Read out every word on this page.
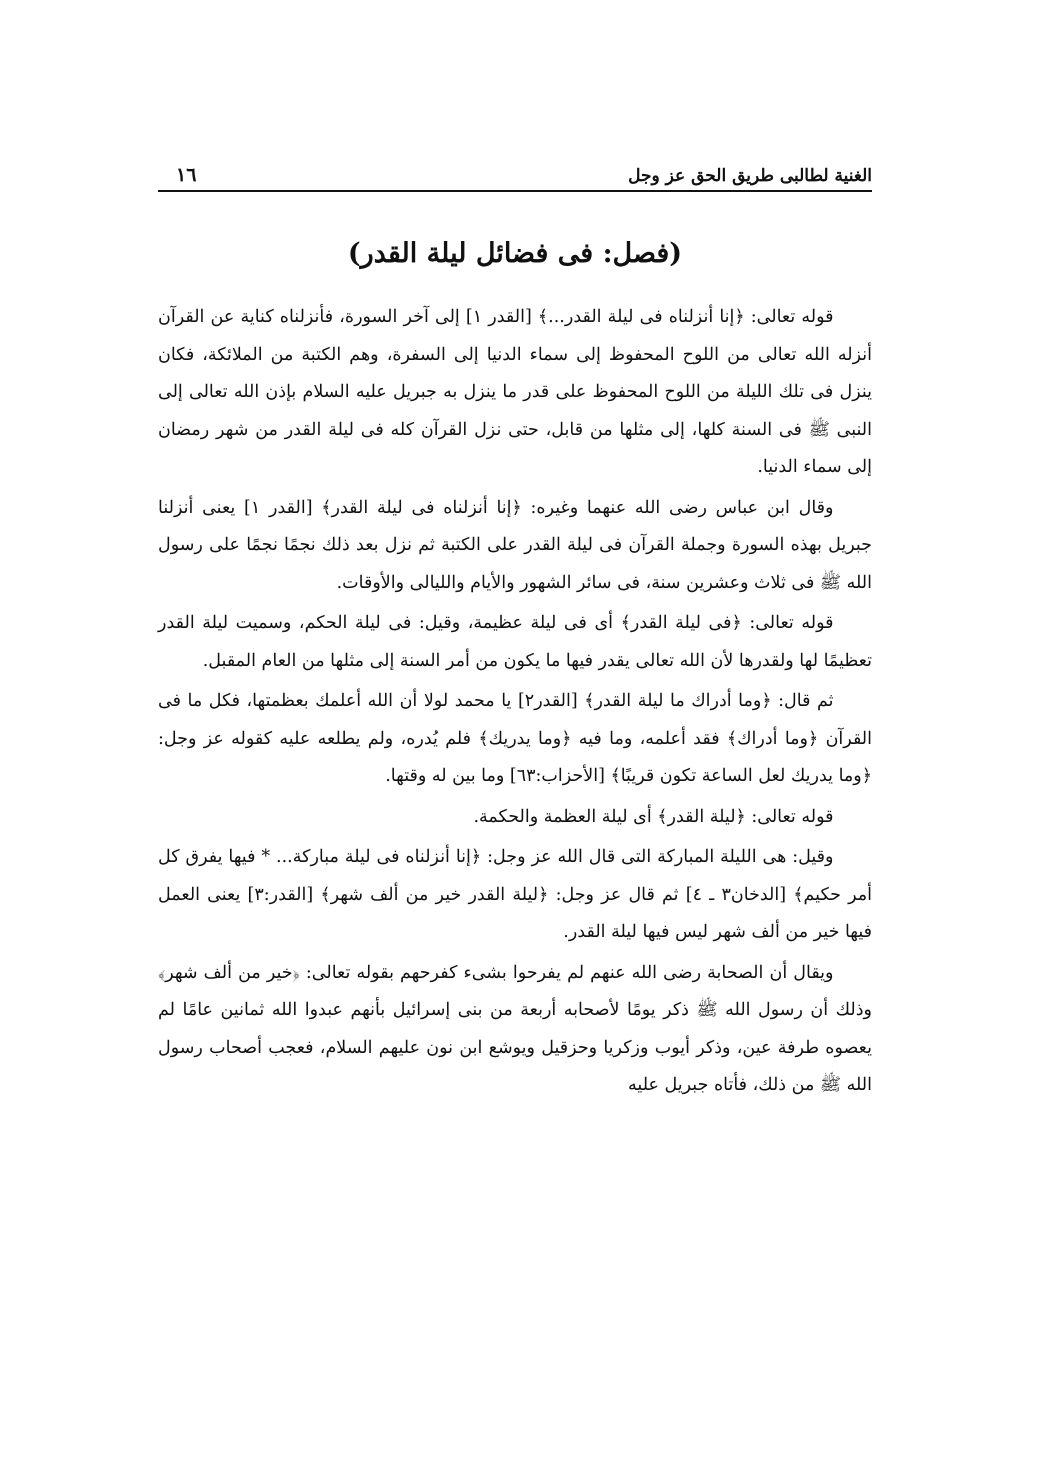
الغنية لطالبى طريق الحق عز وجل
١٦
(فصل: فى فضائل ليلة القدر)

قوله تعالى: ﴿إنا أنزلناه فى ليلة القدر...﴾ [القدر ١] إلى آخر السورة، فأنزلناه كناية عن القرآن أنزله الله تعالى من اللوح المحفوظ إلى سماء الدنيا إلى السفرة، وهم الكتبة من الملائكة، فكان ينزل فى تلك الليلة من اللوح المحفوظ على قدر ما ينزل به جبريل عليه السلام بإذن الله تعالى إلى النبى ﷺ فى السنة كلها، إلى مثلها من قابل، حتى نزل القرآن كله فى ليلة القدر من شهر رمضان إلى سماء الدنيا.

وقال ابن عباس رضى الله عنهما وغيره: ﴿إنا أنزلناه فى ليلة القدر﴾ [القدر ١] يعنى أنزلنا جبريل بهذه السورة وجملة القرآن فى ليلة القدر على الكتبة ثم نزل بعد ذلك نجمًا نجمًا على رسول الله ﷺ فى ثلاث وعشرين سنة، فى سائر الشهور والأيام والليالى والأوقات.

قوله تعالى: ﴿فى ليلة القدر﴾ أى فى ليلة عظيمة، وقيل: فى ليلة الحكم، وسميت ليلة القدر تعظيمًا لها ولقدرها لأن الله تعالى يقدر فيها ما يكون من أمر السنة إلى مثلها من العام المقبل.

ثم قال: ﴿وما أدراك ما ليلة القدر﴾ [القدر٢] يا محمد لولا أن الله أعلمك بعظمتها، فكل ما فى القرآن ﴿وما أدراك﴾ فقد أعلمه، وما فيه ﴿وما يدريك﴾ فلم يُدره، ولم يطلعه عليه كقوله عز وجل: ﴿وما يدريك لعل الساعة تكون قريبًا﴾ [الأحزاب:٦٣] وما بين له وقتها.

قوله تعالى: ﴿ليلة القدر﴾ أى ليلة العظمة والحكمة.

وقيل: هى الليلة المباركة التى قال الله عز وجل: ﴿إنا أنزلناه فى ليلة مباركة... * فيها يفرق كل أمر حكيم﴾ [الدخان٣ ـ ٤] ثم قال عز وجل: ﴿ليلة القدر خير من ألف شهر﴾ [القدر:٣] يعنى العمل فيها خير من ألف شهر ليس فيها ليلة القدر.

ويقال أن الصحابة رضى الله عنهم لم يفرحوا بشىء كفرحهم بقوله تعالى: ﴿خير من ألف شهر﴾ وذلك أن رسول الله ﷺ ذكر يومًا لأصحابه أربعة من بنى إسرائيل بأنهم عبدوا الله ثمانين عامًا لم يعصوه طرفة عين، وذكر أيوب وزكريا وحزقيل ويوشع ابن نون عليهم السلام، فعجب أصحاب رسول الله ﷺ من ذلك، فأتاه جبريل عليه
